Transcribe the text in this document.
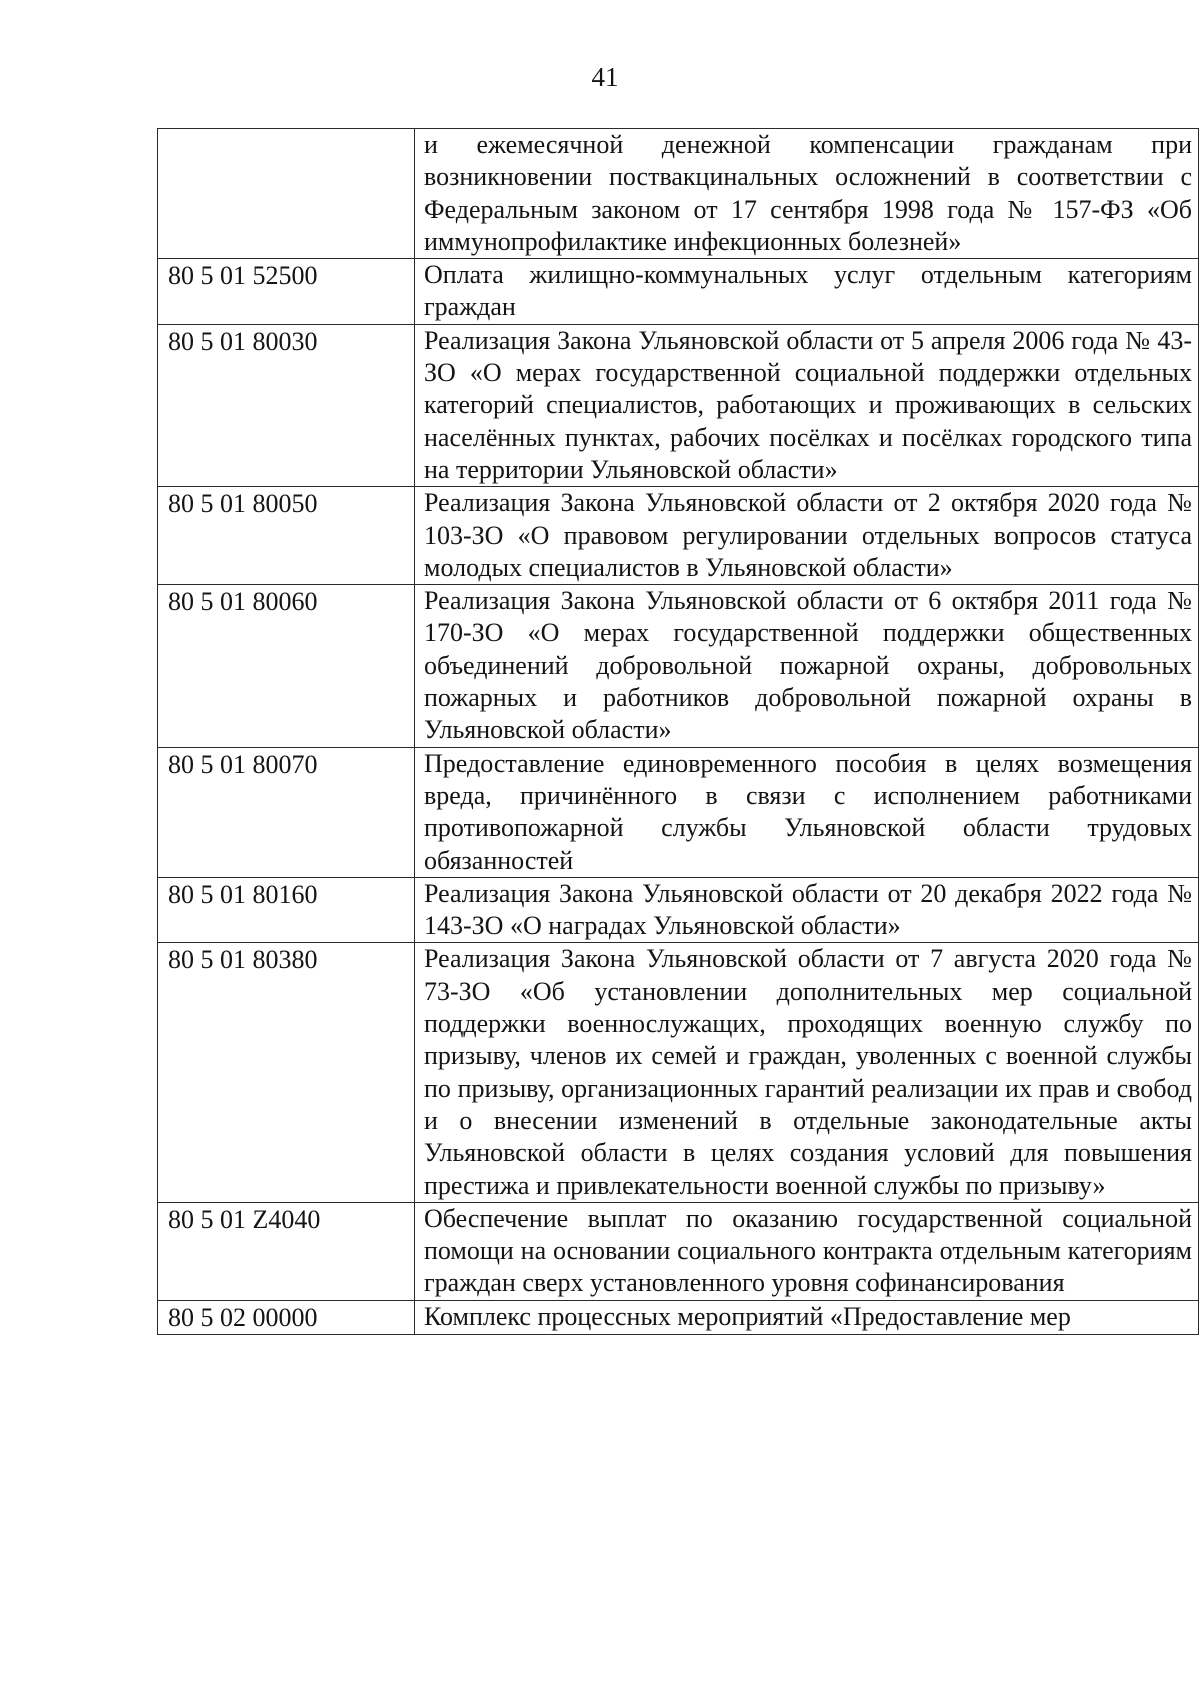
41

	и ежемесячной денежной компенсации гражданам при возникновении поствакцинальных осложнений в соответствии с Федеральным законом от 17 сентября 1998 года № 157-ФЗ «Об иммунопрофилактике инфекционных болезней»

80 5 01 52500	Оплата жилищно-коммунальных услуг отдельным категориям граждан

80 5 01 80030	Реализация Закона Ульяновской области от 5 апреля 2006 года № 43-ЗО «О мерах государственной социальной поддержки отдельных категорий специалистов, работающих и проживающих в сельских населённых пунктах, рабочих посёлках и посёлках городского типа на территории Ульяновской области»

80 5 01 80050	Реализация Закона Ульяновской области от 2 октября 2020 года № 103-ЗО «О правовом регулировании отдельных вопросов статуса молодых специалистов в Ульяновской области»

80 5 01 80060	Реализация Закона Ульяновской области от 6 октября 2011 года № 170-ЗО «О мерах государственной поддержки общественных объединений добровольной пожарной охраны, добровольных пожарных и работников добровольной пожарной охраны в Ульяновской области»

80 5 01 80070	Предоставление единовременного пособия в целях возмещения вреда, причинённого в связи с исполнением работниками противопожарной службы Ульяновской области трудовых обязанностей

80 5 01 80160	Реализация Закона Ульяновской области от 20 декабря 2022 года № 143-ЗО «О наградах Ульяновской области»

80 5 01 80380	Реализация Закона Ульяновской области от 7 августа 2020 года № 73-ЗО «Об установлении дополнительных мер социальной поддержки военнослужащих, проходящих военную службу по призыву, членов их семей и граждан, уволенных с военной службы по призыву, организационных гарантий реализации их прав и свобод и о внесении изменений в отдельные законодательные акты Ульяновской области в целях создания условий для повышения престижа и привлекательности военной службы по призыву»

80 5 01 Z4040	Обеспечение выплат по оказанию государственной социальной помощи на основании социального контракта отдельным категориям граждан сверх установленного уровня софинансирования

80 5 02 00000	Комплекс процессных мероприятий «Предоставление мер
